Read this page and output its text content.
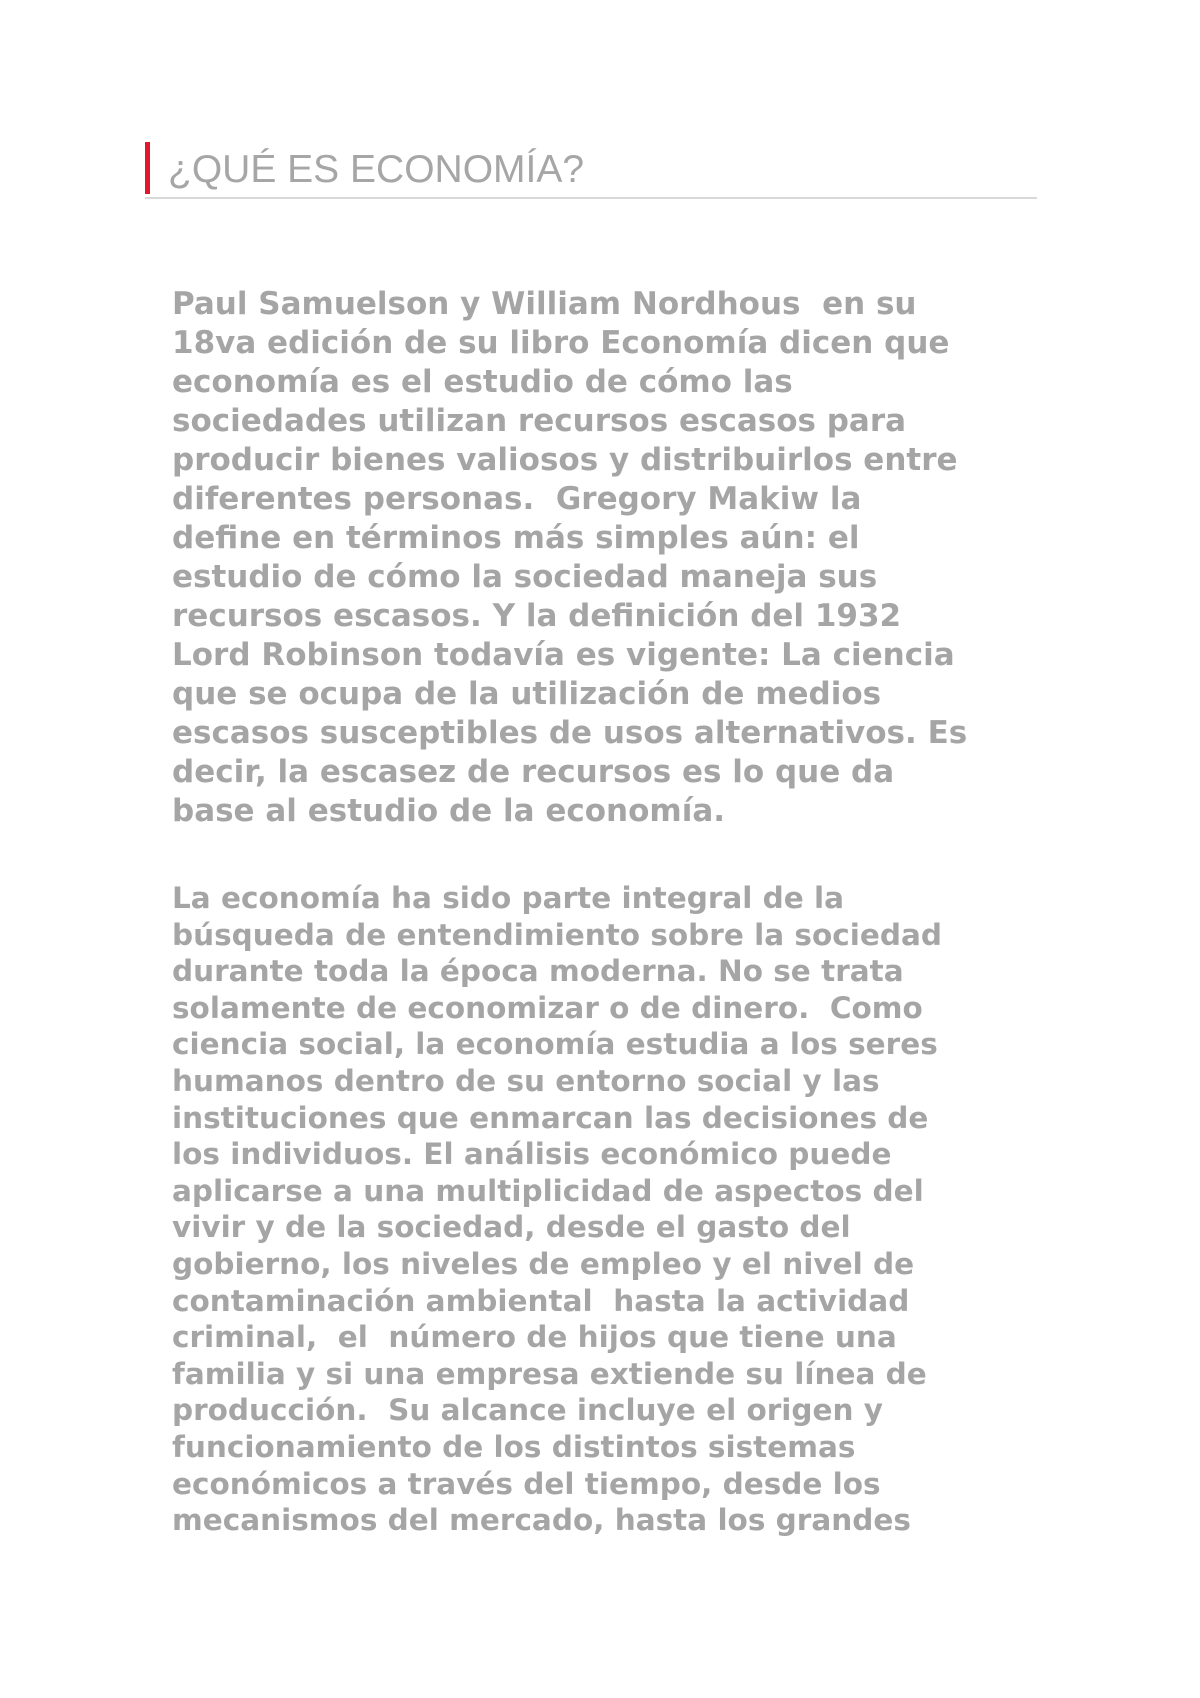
¿QUÉ ES ECONOMÍA?

Paul Samuelson y William Nordhous  en su
18va edición de su libro Economía dicen que
economía es el estudio de cómo las
sociedades utilizan recursos escasos para
producir bienes valiosos y distribuirlos entre
diferentes personas.  Gregory Makiw la
define en términos más simples aún: el
estudio de cómo la sociedad maneja sus
recursos escasos. Y la definición del 1932
Lord Robinson todavía es vigente: La ciencia
que se ocupa de la utilización de medios
escasos susceptibles de usos alternativos. Es
decir, la escasez de recursos es lo que da
base al estudio de la economía.

La economía ha sido parte integral de la
búsqueda de entendimiento sobre la sociedad
durante toda la época moderna. No se trata
solamente de economizar o de dinero.  Como
ciencia social, la economía estudia a los seres
humanos dentro de su entorno social y las
instituciones que enmarcan las decisiones de
los individuos. El análisis económico puede
aplicarse a una multiplicidad de aspectos del
vivir y de la sociedad, desde el gasto del
gobierno, los niveles de empleo y el nivel de
contaminación ambiental  hasta la actividad
criminal,  el  número de hijos que tiene una
familia y si una empresa extiende su línea de
producción.  Su alcance incluye el origen y
funcionamiento de los distintos sistemas
económicos a través del tiempo, desde los
mecanismos del mercado, hasta los grandes
